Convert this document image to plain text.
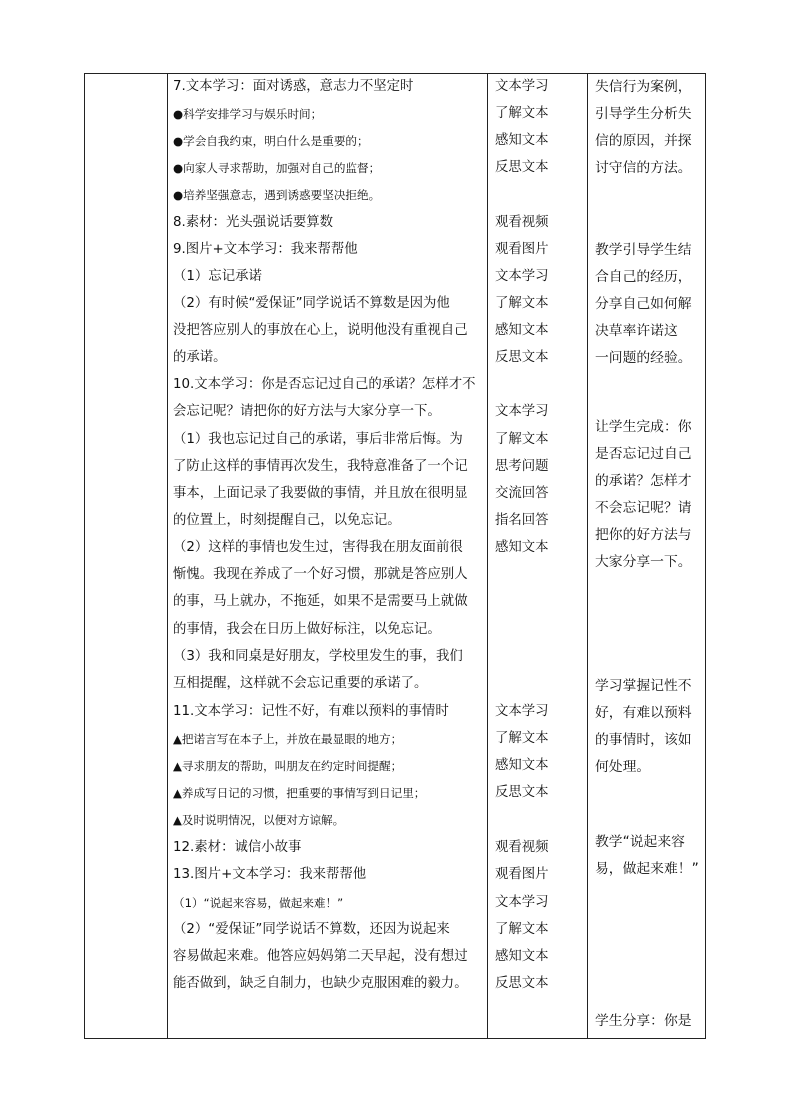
7.文本学习：面对诱惑，意志力不坚定时
●科学安排学习与娱乐时间；
●学会自我约束，明白什么是重要的；
●向家人寻求帮助，加强对自己的监督；
●培养坚强意志，遇到诱惑要坚决拒绝。
8.素材：光头强说话要算数
9.图片+文本学习：我来帮帮他
（1）忘记承诺
（2）有时候“爱保证”同学说话不算数是因为他
没把答应别人的事放在心上，说明他没有重视自己
的承诺。
10.文本学习：你是否忘记过自己的承诺？怎样才不
会忘记呢？请把你的好方法与大家分享一下。
（1）我也忘记过自己的承诺，事后非常后悔。为
了防止这样的事情再次发生，我特意准备了一个记
事本，上面记录了我要做的事情，并且放在很明显
的位置上，时刻提醒自己，以免忘记。
（2）这样的事情也发生过，害得我在朋友面前很
惭愧。我现在养成了一个好习惯，那就是答应别人
的事，马上就办，不拖延，如果不是需要马上就做
的事情，我会在日历上做好标注，以免忘记。
（3）我和同桌是好朋友，学校里发生的事，我们
互相提醒，这样就不会忘记重要的承诺了。
11.文本学习：记性不好，有难以预料的事情时
▲把诺言写在本子上，并放在最显眼的地方；
▲寻求朋友的帮助，叫朋友在约定时间提醒；
▲养成写日记的习惯，把重要的事情写到日记里；
▲及时说明情况，以便对方谅解。
12.素材：诚信小故事
13.图片+文本学习：我来帮帮他
（1）“说起来容易，做起来难！”
（2）“爱保证”同学说话不算数，还因为说起来
容易做起来难。他答应妈妈第二天早起，没有想过
能否做到，缺乏自制力，也缺少克服困难的毅力。
文本学习
了解文本
感知文本
反思文本
观看视频
观看图片
文本学习
了解文本
感知文本
反思文本
文本学习
了解文本
思考问题
交流回答
指名回答
感知文本
文本学习
了解文本
感知文本
反思文本
观看视频
观看图片
文本学习
了解文本
感知文本
反思文本
失信行为案例，
引导学生分析失
信的原因，并探
讨守信的方法。
教学引导学生结
合自己的经历，
分享自己如何解
决草率许诺这
一问题的经验。
让学生完成：你
是否忘记过自己
的承诺？怎样才
不会忘记呢？请
把你的好方法与
大家分享一下。
学习掌握记性不
好，有难以预料
的事情时，该如
何处理。
教学“说起来容
易，做起来难！”
学生分享：你是
